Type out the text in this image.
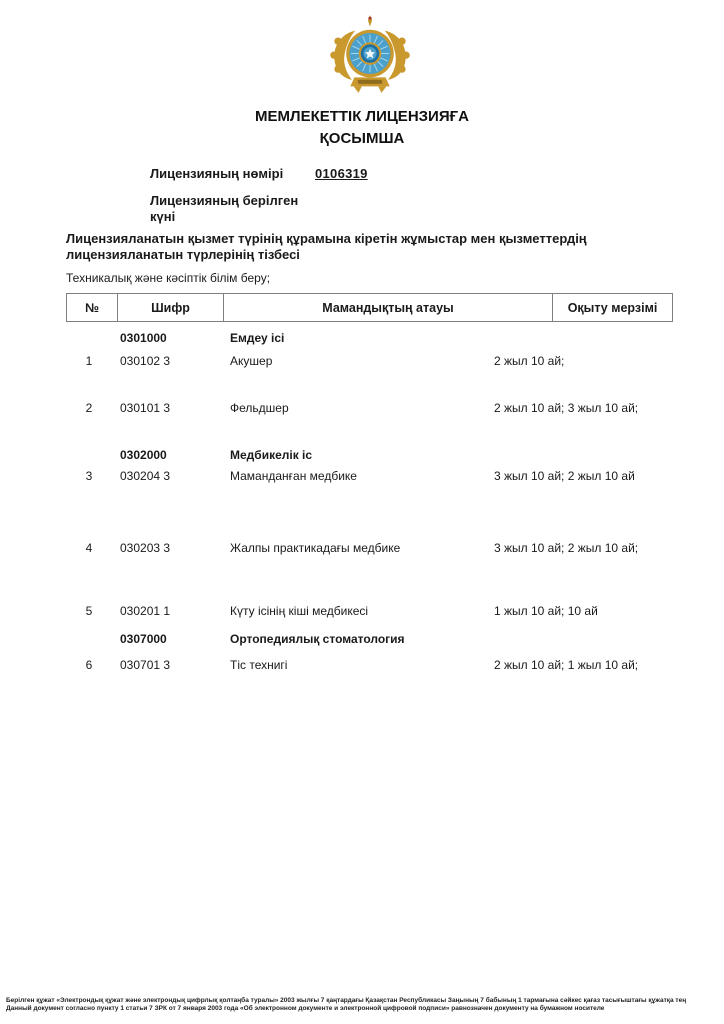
МЕМЛЕКЕТТІК ЛИЦЕНЗИЯҒА
ҚОСЫМША
Лицензияның нөмірі 0106319
Лицензияның берілген күні
Лицензияланатын қызмет түрінің құрамына кіретін жұмыстар мен қызметтердің лицензияланатын түрлерінің тізбесі
Техникалық және кәсіптік білім беру;
№	Шифр	Мамандықтың атауы	Оқыту мерзімі
	0301000	Емдеу ісі	
1	030102 3	Акушер	2 жыл 10 ай;
2	030101 3	Фельдшер	2 жыл 10 ай; 3 жыл 10 ай;
	0302000	Медбикелік іс	
3	030204 3	Маманданған медбике	3 жыл 10 ай; 2 жыл 10 ай
4	030203 3	Жалпы практикадағы медбике	3 жыл 10 ай; 2 жыл 10 ай;
5	030201 1	Күту ісінің кіші медбикесі	1 жыл 10 ай; 10 ай
	0307000	Ортопедиялық стоматология	
6	030701 3	Тіс технигі	2 жыл 10 ай; 1 жыл 10 ай;
Берілген құжат «Электрондық құжат және электрондық цифрлық қолтаңба туралы» 2003 жылғы 7 қаңтардағы Қазақстан Республикасы Заңының 7 бабының 1 тармағына сәйкес қағаз тасығыштағы құжатқа тең
Данный документ согласно пункту 1 статьи 7 ЗРК от 7 января 2003 года «Об электронном документе и электронной цифровой подписи» равнозначен документу на бумажном носителе
